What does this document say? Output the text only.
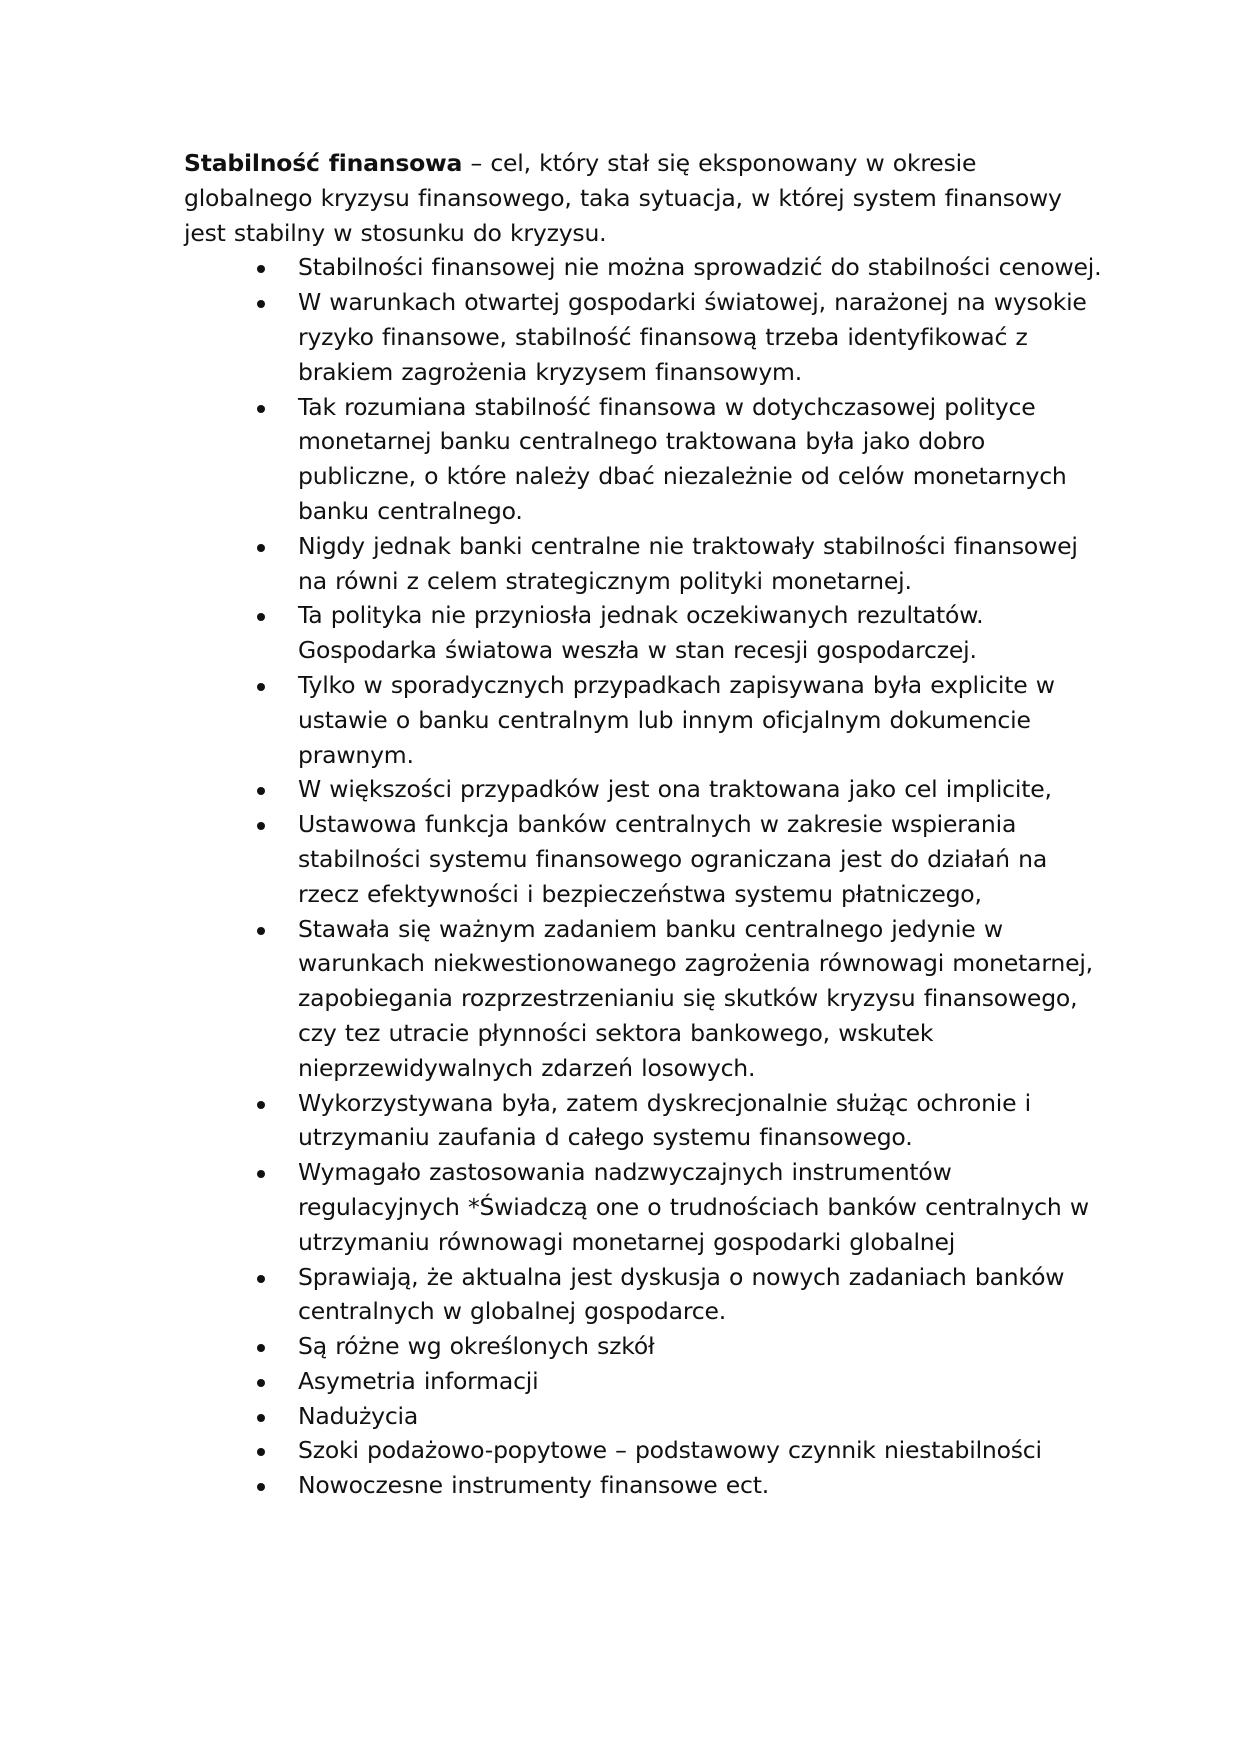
Stabilność finansowa – cel, który stał się eksponowany w okresie globalnego kryzysu finansowego, taka sytuacja, w której system finansowy jest stabilny w stosunku do kryzysu.

Stabilności finansowej nie można sprowadzić do stabilności cenowej.
W warunkach otwartej gospodarki światowej, narażonej na wysokie ryzyko finansowe, stabilność finansową trzeba identyfikować z brakiem zagrożenia kryzysem finansowym.
Tak rozumiana stabilność finansowa w dotychczasowej polityce monetarnej banku centralnego traktowana była jako dobro publiczne, o które należy dbać niezależnie od celów monetarnych banku centralnego.
Nigdy jednak banki centralne nie traktowały stabilności finansowej na równi z celem strategicznym polityki monetarnej.
Ta polityka nie przyniosła jednak oczekiwanych rezultatów. Gospodarka światowa weszła w stan recesji gospodarczej.
Tylko w sporadycznych przypadkach zapisywana była explicite w ustawie o banku centralnym lub innym oficjalnym dokumencie prawnym.
W większości przypadków jest ona traktowana jako cel implicite,
Ustawowa funkcja banków centralnych w zakresie wspierania stabilności systemu finansowego ograniczana jest do działań na rzecz efektywności i bezpieczeństwa systemu płatniczego,
Stawała się ważnym zadaniem banku centralnego jedynie w warunkach niekwestionowanego zagrożenia równowagi monetarnej, zapobiegania rozprzestrzenianiu się skutków kryzysu finansowego, czy tez utracie płynności sektora bankowego, wskutek nieprzewidywalnych zdarzeń losowych.
Wykorzystywana była, zatem dyskrecjonalnie służąc ochronie i utrzymaniu zaufania d całego systemu finansowego.
Wymagało zastosowania nadzwyczajnych instrumentów regulacyjnych *Świadczą one o trudnościach banków centralnych w utrzymaniu równowagi monetarnej gospodarki globalnej
Sprawiają, że aktualna jest dyskusja o nowych zadaniach banków centralnych w globalnej gospodarce.
Są różne wg określonych szkół
Asymetria informacji
Nadużycia
Szoki podażowo-popytowe – podstawowy czynnik niestabilności
Nowoczesne instrumenty finansowe ect.
